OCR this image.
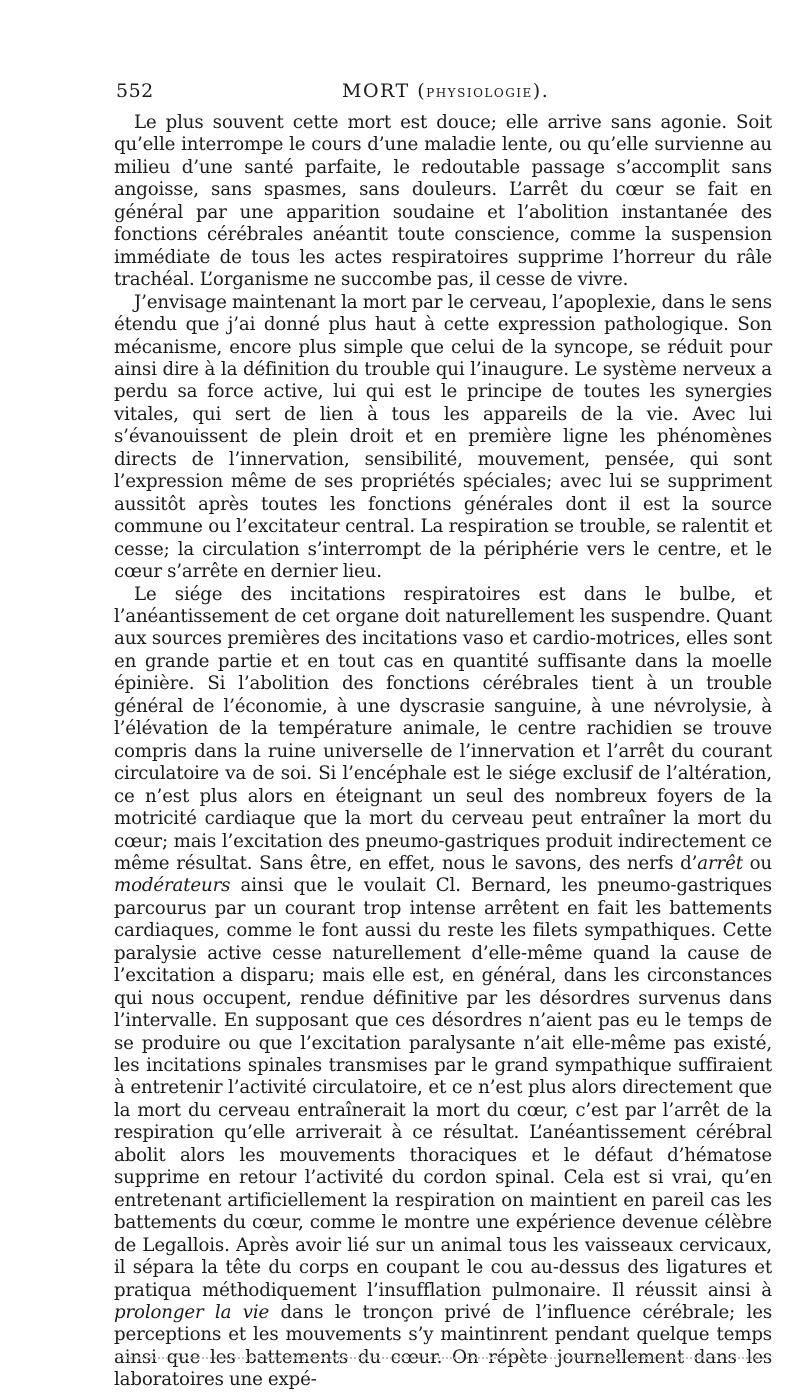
552	MORT (PHYSIOLOGIE).

Le plus souvent cette mort est douce; elle arrive sans agonie. Soit qu’elle interrompe le cours d’une maladie lente, ou qu’elle survienne au milieu d’une santé parfaite, le redoutable passage s’accomplit sans angoisse, sans spasmes, sans douleurs. L’arrêt du cœur se fait en général par une apparition soudaine et l’abolition instantanée des fonctions cérébrales anéantit toute conscience, comme la suspension immédiate de tous les actes respiratoires supprime l’horreur du râle trachéal. L’organisme ne succombe pas, il cesse de vivre.

J’envisage maintenant la mort par le cerveau, l’apoplexie, dans le sens étendu que j’ai donné plus haut à cette expression pathologique. Son mécanisme, encore plus simple que celui de la syncope, se réduit pour ainsi dire à la définition du trouble qui l’inaugure. Le système nerveux a perdu sa force active, lui qui est le principe de toutes les synergies vitales, qui sert de lien à tous les appareils de la vie. Avec lui s’évanouissent de plein droit et en première ligne les phénomènes directs de l’innervation, sensibilité, mouvement, pensée, qui sont l’expression même de ses propriétés spéciales; avec lui se suppriment aussitôt après toutes les fonctions générales dont il est la source commune ou l’excitateur central. La respiration se trouble, se ralentit et cesse; la circulation s’interrompt de la périphérie vers le centre, et le cœur s’arrête en dernier lieu.

Le siége des incitations respiratoires est dans le bulbe, et l’anéantissement de cet organe doit naturellement les suspendre. Quant aux sources premières des incitations vaso et cardio-motrices, elles sont en grande partie et en tout cas en quantité suffisante dans la moelle épinière. Si l’abolition des fonctions cérébrales tient à un trouble général de l’économie, à une dyscrasie sanguine, à une névrolysie, à l’élévation de la température animale, le centre rachidien se trouve compris dans la ruine universelle de l’innervation et l’arrêt du courant circulatoire va de soi. Si l’encéphale est le siége exclusif de l’altération, ce n’est plus alors en éteignant un seul des nombreux foyers de la motricité cardiaque que la mort du cerveau peut entraîner la mort du cœur; mais l’excitation des pneumo-gastriques produit indirectement ce même résultat. Sans être, en effet, nous le savons, des nerfs d’arrêt ou modérateurs ainsi que le voulait Cl. Bernard, les pneumo-gastriques parcourus par un courant trop intense arrêtent en fait les battements cardiaques, comme le font aussi du reste les filets sympathiques. Cette paralysie active cesse naturellement d’elle-même quand la cause de l’excitation a disparu; mais elle est, en général, dans les circonstances qui nous occupent, rendue définitive par les désordres survenus dans l’intervalle. En supposant que ces désordres n’aient pas eu le temps de se produire ou que l’excitation paralysante n’ait elle-même pas existé, les incitations spinales transmises par le grand sympathique suffiraient à entretenir l’activité circulatoire, et ce n’est plus alors directement que la mort du cerveau entraînerait la mort du cœur, c’est par l’arrêt de la respiration qu’elle arriverait à ce résultat. L’anéantissement cérébral abolit alors les mouvements thoraciques et le défaut d’hématose supprime en retour l’activité du cordon spinal. Cela est si vrai, qu’en entretenant artificiellement la respiration on maintient en pareil cas les battements du cœur, comme le montre une expérience devenue célèbre de Legallois. Après avoir lié sur un animal tous les vaisseaux cervicaux, il sépara la tête du corps en coupant le cou au-dessus des ligatures et pratiqua méthodiquement l’insufflation pulmonaire. Il réussit ainsi à prolonger la vie dans le tronçon privé de l’influence cérébrale; les perceptions et les mouvements s’y maintinrent pendant quelque temps ainsi que les battements du cœur. On répète journellement dans les laboratoires une expé-
